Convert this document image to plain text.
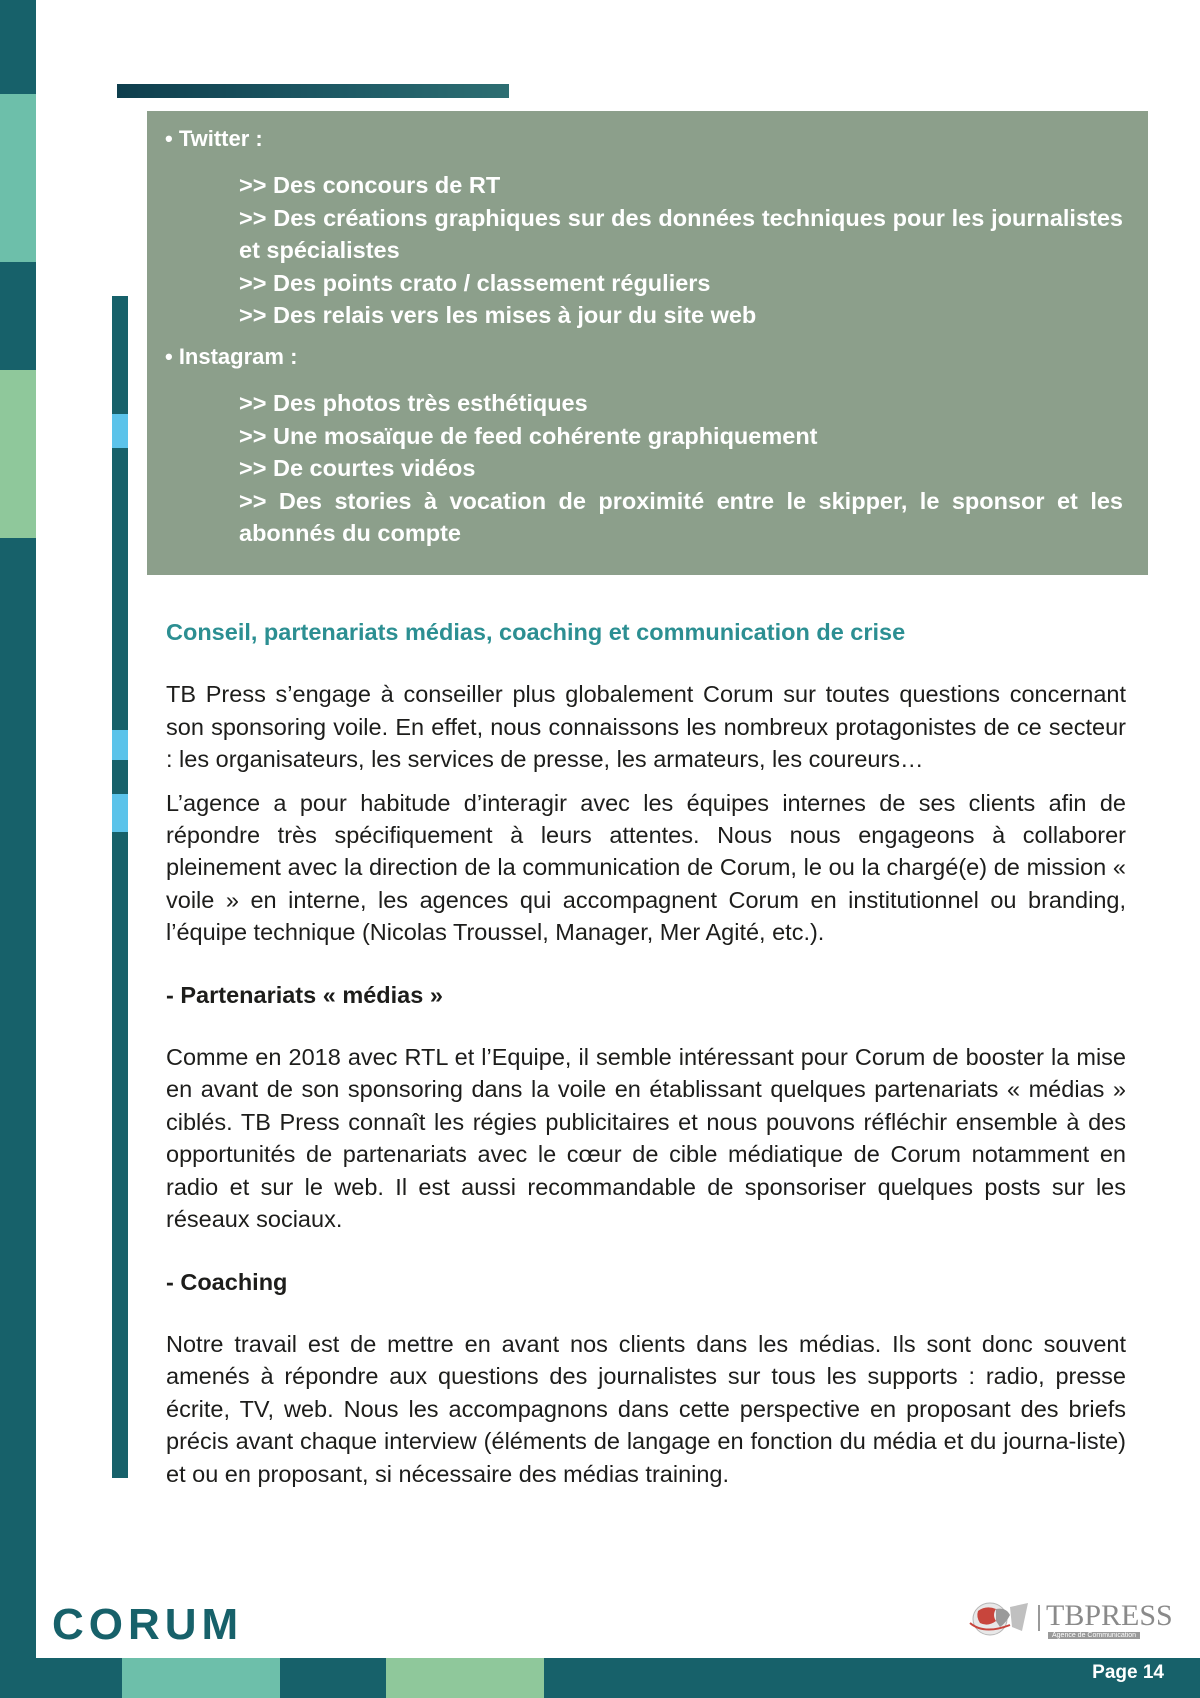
• Twitter :
>> Des concours de RT
>> Des créations graphiques sur des données techniques pour les journalistes et spécialistes
>> Des points crato / classement réguliers
>> Des relais vers les mises à jour du site web
• Instagram :
>> Des photos très esthétiques
>> Une mosaïque de feed cohérente graphiquement
>> De courtes vidéos
>> Des stories à vocation de proximité entre le skipper, le sponsor et les abonnés du compte

Conseil, partenariats médias, coaching et communication de crise

TB Press s’engage à conseiller plus globalement Corum sur toutes questions concernant son sponsoring voile. En effet, nous connaissons les nombreux protagonistes de ce secteur : les organisateurs, les services de presse, les armateurs, les coureurs…

L’agence a pour habitude d’interagir avec les équipes internes de ses clients afin de répondre très spécifiquement à leurs attentes. Nous nous engageons à collaborer pleinement avec la direction de la communication de Corum, le ou la chargé(e) de mission « voile » en interne, les agences qui accompagnent Corum en institutionnel ou branding, l’équipe technique (Nicolas Troussel, Manager, Mer Agité, etc.).

- Partenariats « médias »

Comme en 2018 avec RTL et l’Equipe, il semble intéressant pour Corum de booster la mise en avant de son sponsoring dans la voile en établissant quelques partenariats « médias » ciblés. TB Press connaît les régies publicitaires et nous pouvons réfléchir ensemble à des opportunités de partenariats avec le cœur de cible médiatique de Corum notamment en radio et sur le web. Il est aussi recommandable de sponsoriser quelques posts sur les réseaux sociaux.

- Coaching

Notre travail est de mettre en avant nos clients dans les médias. Ils sont donc souvent amenés à répondre aux questions des journalistes sur tous les supports : radio, presse écrite, TV, web. Nous les accompagnons dans cette perspective en proposant des briefs précis avant chaque interview (éléments de langage en fonction du média et du journa-liste) et ou en proposant, si nécessaire des médias training.

CORUM	TBPRESS
Agence de Communication
Page 14
